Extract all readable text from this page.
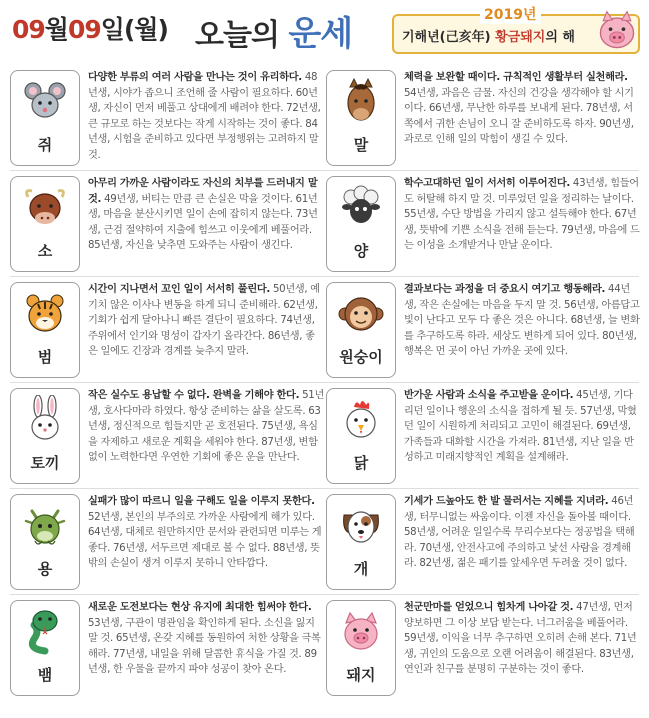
09월09일(월) 오늘의 운세	2019년
기해년(己亥年) 황금돼지의 해
쥐
다양한 부류의 여러 사람을 만나는 것이 유리하다. 48년생, 시야가 좁으니 조언해 줄 사람이 필요하다. 60년생, 자신이 먼저 베풀고 상대에게 배려야 한다. 72년생, 큰 규모로 하는 것보다는 작게 시작하는 것이 좋다. 84년생, 시험을 준비하고 있다면 부정행위는 고려하지 말 것.
말
체력을 보완할 때이다. 규칙적인 생활부터 실천해라. 54년생, 과음은 금물. 자신의 건강을 생각해야 할 시기이다. 66년생, 무난한 하루를 보내게 된다. 78년생, 서쪽에서 귀한 손님이 오니 잘 준비하도록 하자. 90년생, 과로로 인해 일의 막힘이 생길 수 있다.
소
아무리 가까운 사람이라도 자신의 치부를 드러내지 말 것. 49년생, 버티는 만큼 큰 손실은 막을 것이다. 61년생, 마음을 분산시키면 일이 손에 잡히지 않는다. 73년생, 근검 절약하여 지출에 힘쓰고 이웃에게 베풀어라. 85년생, 자신을 낮추면 도와주는 사람이 생긴다.	양
학수고대하던 일이 서서히 이루어진다. 43년생, 힘들어도 허탈해 하지 말 것. 미루었던 일을 정리하는 날이다. 55년생, 수단 방법을 가리지 않고 설득해야 한다. 67년생, 뜻밖에 기쁜 소식을 전해 듣는다. 79년생, 마음에 드는 이성을 소개받거나 만날 운이다.
범
시간이 지나면서 꼬인 일이 서서히 풀린다. 50년생, 예기치 않은 이사나 변동을 하게 되니 준비해라. 62년생, 기회가 쉽게 달아나니 빠른 결단이 필요하다. 74년생, 주위에서 인기와 명성이 갑자기 올라간다. 86년생, 좋은 일에도 긴장과 경계를 늦추지 말라.	원숭이
결과보다는 과정을 더 중요시 여기고 행동해라. 44년생, 작은 손실에는 마음을 두지 말 것. 56년생, 아름답고 빛이 난다고 모두 다 좋은 것은 아니다. 68년생, 늘 변화를 추구하도록 하라. 세상도 변하게 되어 있다. 80년생, 행복은 먼 곳이 아닌 가까운 곳에 있다.
토끼
작은 실수도 용납할 수 없다. 완벽을 기해야 한다. 51년생, 호사다마라 하였다. 항상 준비하는 삶을 살도록. 63년생, 정신적으로 힘들지만 곧 호전된다. 75년생, 욕심을 자제하고 새로운 계획을 세워야 한다. 87년생, 변함없이 노력한다면 우연한 기회에 좋은 운을 만난다.	닭
반가운 사람과 소식을 주고받을 운이다. 45년생, 기다리던 일이나 행운의 소식을 접하게 될 듯. 57년생, 막혔던 일이 시원하게 처리되고 고민이 해결된다. 69년생, 가족들과 대화할 시간을 가져라. 81년생, 지난 일을 반성하고 미래지향적인 계획을 설계해라.
용
실패가 많이 따르니 일을 구해도 일을 이루지 못한다. 52년생, 본인의 부주의로 가까운 사람에게 해가 있다. 64년생, 대체로 원만하지만 문서와 관련되면 미루는 게 좋다. 76년생, 서두르면 제대로 볼 수 없다. 88년생, 뜻밖의 손실이 생겨 이루지 못하니 안타깝다.	개
기세가 드높아도 한 발 물러서는 지혜를 지녀라. 46년생, 터무니없는 싸움이다. 이젠 자신을 돌아볼 때이다. 58년생, 어려운 일일수록 무리수보다는 정공법을 택해라. 70년생, 안전사고에 주의하고 낯선 사람을 경계해라. 82년생, 젊은 패기를 앞세우면 두려울 것이 없다.
뱀
새로운 도전보다는 현상 유지에 최대한 힘써야 한다. 53년생, 구관이 명관임을 확인하게 된다. 소신을 잃지 말 것. 65년생, 온갖 지혜를 동원하여 처한 상황을 극복해라. 77년생, 내일을 위해 달콤한 휴식을 가질 것. 89년생, 한 우물을 끝까지 파야 성공이 찾아 온다.	돼지
천군만마를 얻었으니 힘차게 나아갈 것. 47년생, 먼저 양보하면 그 이상 보답 받는다. 너그러움을 베풀어라. 59년생, 이익을 너무 추구하면 오히려 손해 본다. 71년생, 귀인의 도움으로 오랜 어려움이 해결된다. 83년생, 연인과 친구를 분명히 구분하는 것이 좋다.
